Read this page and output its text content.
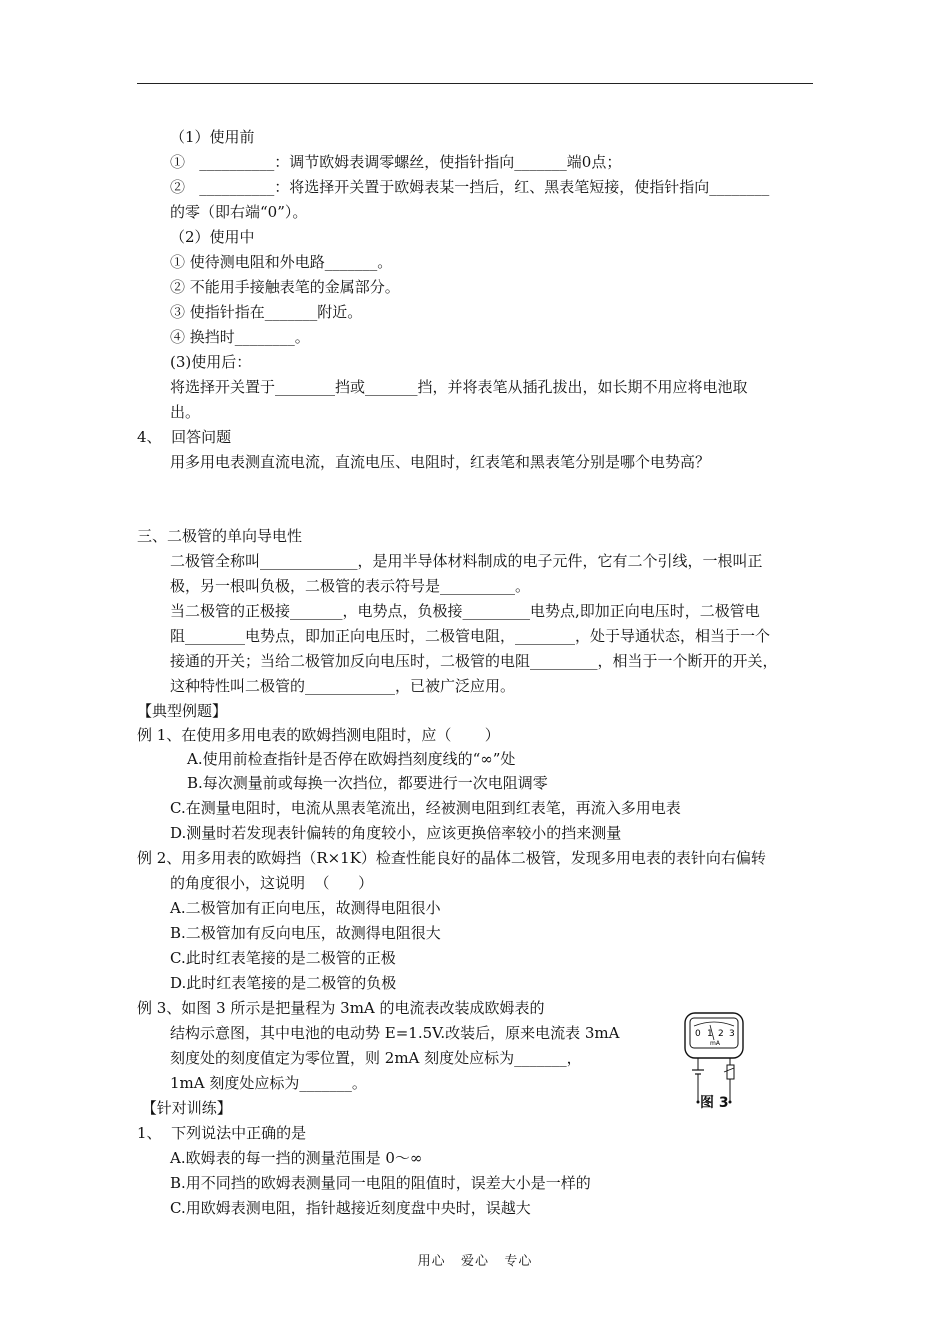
（1）使用前
①   __________：调节欧姆表调零螺丝，使指针指向_______端0点；
②   __________：将选择开关置于欧姆表某一挡后，红、黑表笔短接，使指针指向________
的零（即右端“0”）。
（2）使用中
① 使待测电阻和外电路_______。
② 不能用手接触表笔的金属部分。
③ 使指针指在_______附近。
④ 换挡时________。
(3)使用后：
将选择开关置于________挡或_______挡，并将表笔从插孔拔出，如长期不用应将电池取
出。
4、  回答问题
用多用电表测直流电流，直流电压、电阻时，红表笔和黑表笔分别是哪个电势高？
三、二极管的单向导电性
二极管全称叫_____________，是用半导体材料制成的电子元件，它有二个引线，一根叫正
极，另一根叫负极，二极管的表示符号是__________。
当二极管的正极接_______，电势点，负极接_________电势点,即加正向电压时，二极管电
阻________电势点，即加正向电压时，二极管电阻，________，处于导通状态，相当于一个
接通的开关；当给二极管加反向电压时，二极管的电阻_________，相当于一个断开的开关，
这种特性叫二极管的____________，已被广泛应用。
【典型例题】
例 1、在使用多用电表的欧姆挡测电阻时，应（       ）
A.使用前检查指针是否停在欧姆挡刻度线的“∞”处
B.每次测量前或每换一次挡位，都要进行一次电阻调零
C.在测量电阻时，电流从黑表笔流出，经被测电阻到红表笔，再流入多用电表
D.测量时若发现表针偏转的角度较小，应该更换倍率较小的挡来测量
例 2、用多用表的欧姆挡（R×1K）检查性能良好的晶体二极管，发现多用电表的表针向右偏转
的角度很小，这说明  （      ）
A.二极管加有正向电压，故测得电阻很小
B.二极管加有反向电压，故测得电阻很大
C.此时红表笔接的是二极管的正极
D.此时红表笔接的是二极管的负极
例 3、如图 3 所示是把量程为 3mA 的电流表改装成欧姆表的
结构示意图，其中电池的电动势 E=1.5V.改装后，原来电流表 3mA
刻度处的刻度值定为零位置，则 2mA 刻度处应标为_______，
1mA 刻度处应标为_______。
【针对训练】
1、  下列说法中正确的是
A.欧姆表的每一挡的测量范围是 0～∞
B.用不同挡的欧姆表测量同一电阻的阻值时，误差大小是一样的
C.用欧姆表测电阻，指针越接近刻度盘中央时，误越大
0 1 2 3
mA
图 3
用心   爱心   专心
